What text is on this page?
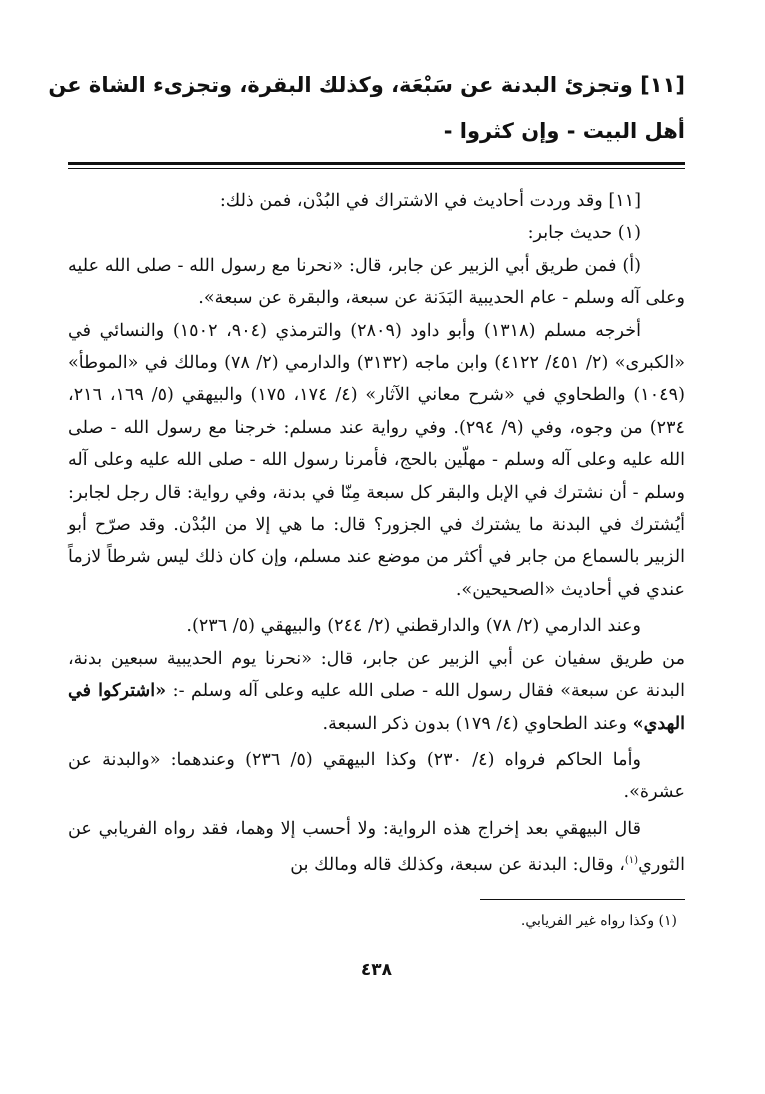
[١١] وتجزئ البدنة عن سَبْعَة، وكذلك البقرة، وتجزىء الشاة عن
أهل البيت - وإن كثروا -

[١١] وقد وردت أحاديث في الاشتراك في البُدْن، فمن ذلك:

(١) حديث جابر:

(أ) فمن طريق أبي الزبير عن جابر، قال: «نحرنا مع رسول الله - صلى الله عليه وعلى آله وسلم - عام الحديبية البَدَنة عن سبعة، والبقرة عن سبعة».

أخرجه مسلم (١٣١٨) وأبو داود (٢٨٠٩) والترمذي (٩٠٤، ١٥٠٢) والنسائي في «الكبرى» (٢/ ٤٥١/ ٤١٢٢) وابن ماجه (٣١٣٢) والدارمي (٢/ ٧٨) ومالك في «الموطأ» (١٠٤٩) والطحاوي في «شرح معاني الآثار» (٤/ ١٧٤، ١٧٥) والبيهقي (٥/ ١٦٩، ٢١٦، ٢٣٤) من وجوه، وفي (٩/ ٢٩٤). وفي رواية عند مسلم: خرجنا مع رسول الله - صلى الله عليه وعلى آله وسلم - مهلّين بالحج، فأمرنا رسول الله - صلى الله عليه وعلى آله وسلم - أن نشترك في الإبل والبقر كل سبعة مِنّا في بدنة، وفي رواية: قال رجل لجابر: أيُشترك في البدنة ما يشترك في الجزور؟ قال: ما هي إلا من البُدْن. وقد صرّح أبو الزبير بالسماع من جابر في أكثر من موضع عند مسلم، وإن كان ذلك ليس شرطاً لازماً عندي في أحاديث «الصحيحين».

وعند الدارمي (٢/ ٧٨) والدارقطني (٢/ ٢٤٤) والبيهقي (٥/ ٢٣٦).

من طريق سفيان عن أبي الزبير عن جابر، قال: «نحرنا يوم الحديبية سبعين بدنة، البدنة عن سبعة» فقال رسول الله - صلى الله عليه وعلى آله وسلم -: «اشتركوا في الهدي» وعند الطحاوي (٤/ ١٧٩) بدون ذكر السبعة.

وأما الحاكم فرواه (٤/ ٢٣٠) وكذا البيهقي (٥/ ٢٣٦) وعندهما: «والبدنة عن عشرة».

قال البيهقي بعد إخراج هذه الرواية: ولا أحسب إلا وهما، فقد رواه الفريابي عن الثوري$^{(١)}$، وقال: البدنة عن سبعة، وكذلك قاله ومالك بن

(١) وكذا رواه غير الفريابي.
٤٣٨
